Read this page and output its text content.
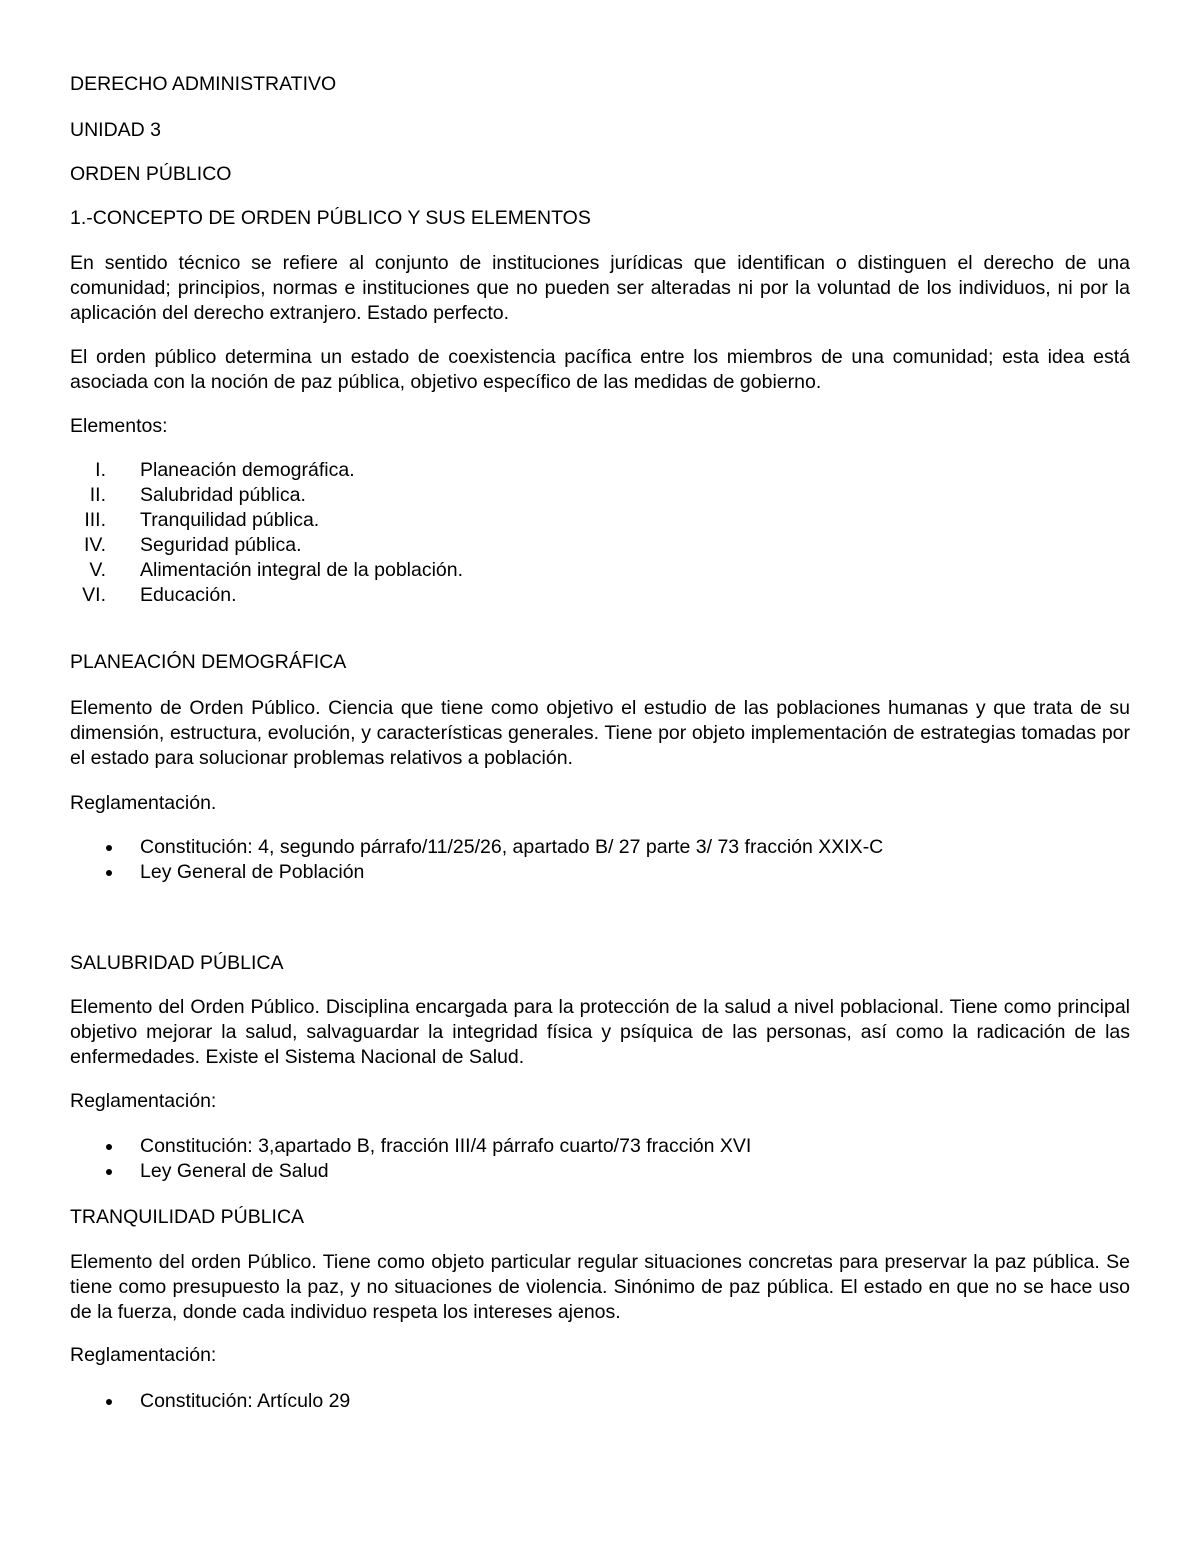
DERECHO ADMINISTRATIVO
UNIDAD 3
ORDEN PÚBLICO
1.-CONCEPTO DE ORDEN PÚBLICO Y SUS ELEMENTOS

En sentido técnico se refiere al conjunto de instituciones jurídicas que identifican o distinguen el derecho de una comunidad; principios, normas e instituciones que no pueden ser alteradas ni por la voluntad de los individuos, ni por la aplicación del derecho extranjero. Estado perfecto.

El orden público determina un estado de coexistencia pacífica entre los miembros de una comunidad; esta idea está asociada con la noción de paz pública, objetivo específico de las medidas de gobierno.

Elementos:
I. Planeación demográfica.
II. Salubridad pública.
III. Tranquilidad pública.
IV. Seguridad pública.
V. Alimentación integral de la población.
VI. Educación.
PLANEACIÓN DEMOGRÁFICA

Elemento de Orden Público. Ciencia que tiene como objetivo el estudio de las poblaciones humanas y que trata de su dimensión, estructura, evolución, y características generales. Tiene por objeto implementación de estrategias tomadas por el estado para solucionar problemas relativos a población.

Reglamentación.
Constitución: 4, segundo párrafo/11/25/26, apartado B/ 27 parte 3/ 73 fracción XXIX-C
Ley General de Población
SALUBRIDAD PÚBLICA

Elemento del Orden Público. Disciplina encargada para la protección de la salud a nivel poblacional. Tiene como principal objetivo mejorar la salud, salvaguardar la integridad física y psíquica de las personas, así como la radicación de las enfermedades. Existe el Sistema Nacional de Salud.

Reglamentación:
Constitución: 3,apartado B, fracción III/4 párrafo cuarto/73 fracción XVI
Ley General de Salud
TRANQUILIDAD PÚBLICA

Elemento del orden Público. Tiene como objeto particular regular situaciones concretas para preservar la paz pública. Se tiene como presupuesto la paz, y no situaciones de violencia. Sinónimo de paz pública. El estado en que no se hace uso de la fuerza, donde cada individuo respeta los intereses ajenos.

Reglamentación:
Constitución: Artículo 29
